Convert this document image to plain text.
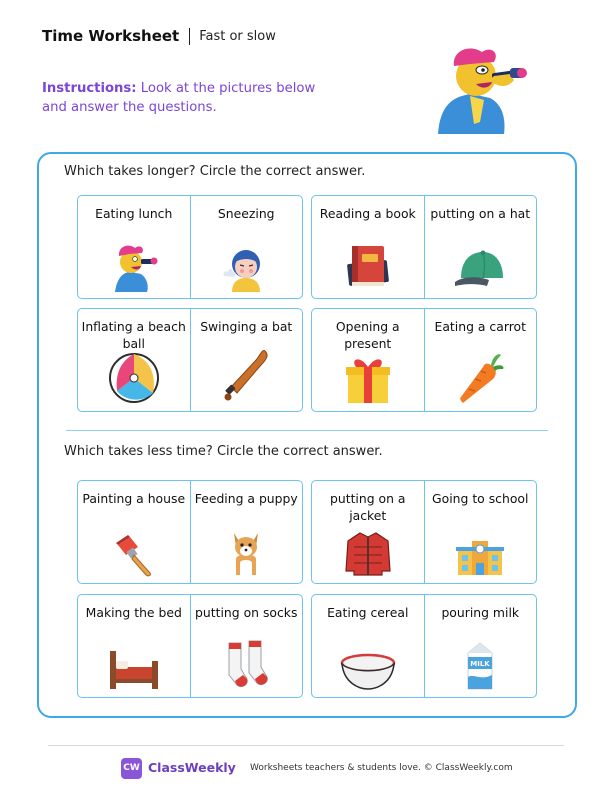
Time Worksheet Fast or slow
Instructions: Look at the pictures below and answer the questions.
Which takes longer? Circle the correct answer.
Eating lunch	Sneezing	Reading a book	putting on a hat
Inflating a beach ball
Swinging a bat	Opening a present
Eating a carrot
Which takes less time? Circle the correct answer.
Painting a house Feeding a puppy	putting on a jacket
Going to school
Making the bed	putting on socks	Eating cereal	pouring milk
MILK
CW ClassWeekly Worksheets teachers & students love. © ClassWeekly.com
